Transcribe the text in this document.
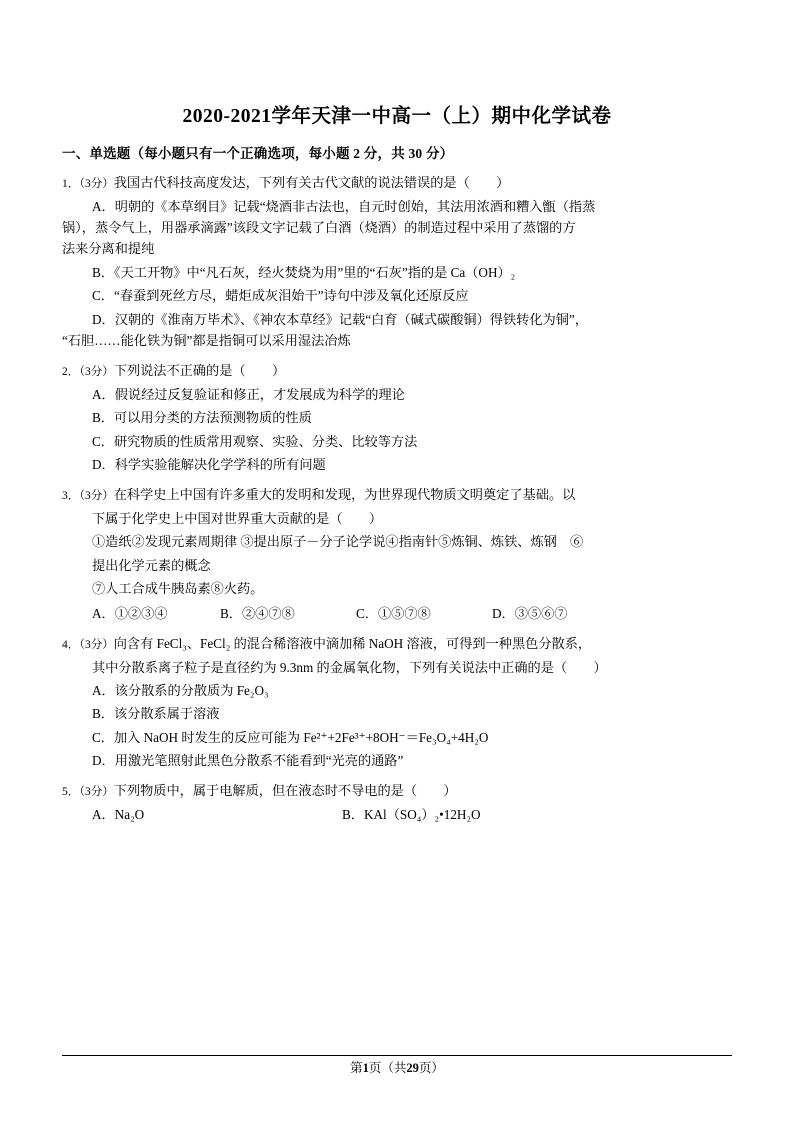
2020-2021学年天津一中高一（上）期中化学试卷
一、单选题（每小题只有一个正确选项，每小题 2 分，共 30 分）
1．（3分）我国古代科技高度发达，下列有关古代文献的说法错误的是（　　）
A．明朝的《本草纲目》记载“烧酒非古法也，自元时创始，其法用浓酒和糟入甑（指蒸
锅），蒸令气上，用器承滴露”该段文字记载了白酒（烧酒）的制造过程中采用了蒸馏的方
法来分离和提纯
B．《天工开物》中“凡石灰，经火焚烧为用”里的“石灰”指的是 Ca（OH）₂
C．“春蚕到死丝方尽，蜡炬成灰泪始干”诗句中涉及氧化还原反应
D．汉朝的《淮南万毕术》、《神农本草经》记载“白育（碱式碳酸铜）得铁转化为铜”，
“石胆……能化铁为铜”都是指铜可以采用湿法冶炼
2．（3分）下列说法不正确的是（　　）
A．假说经过反复验证和修正，才发展成为科学的理论
B．可以用分类的方法预测物质的性质
C．研究物质的性质常用观察、实验、分类、比较等方法
D．科学实验能解决化学学科的所有问题
3．（3分）在科学史上中国有许多重大的发明和发现，为世界现代物质文明奠定了基础。以
下属于化学史上中国对世界重大贡献的是（　　）
①造纸②发现元素周期律 ③提出原子－分子论学说④指南针⑤炼铜、炼铁、炼钢　⑥
提出化学元素的概念
⑦人工合成牛胰岛素⑧火药。
A．①②③④	B．②④⑦⑧	C．①⑤⑦⑧	D．③⑤⑥⑦
4．（3分）向含有 FeCl₃、FeCl₂ 的混合稀溶液中滴加稀 NaOH 溶液，可得到一种黑色分散系，
其中分散系离子粒子是直径约为 9.3nm 的金属氧化物，下列有关说法中正确的是（　　）
A．该分散系的分散质为 Fe₂O₃
B．该分散系属于溶液
C．加入 NaOH 时发生的反应可能为 Fe²⁺+2Fe³⁺+8OH⁻＝Fe₃O₄+4H₂O
D．用激光笔照射此黑色分散系不能看到“光亮的通路”
5．（3分）下列物质中，属于电解质，但在液态时不导电的是（　　）
A．Na₂O	B．KAl（SO₄）₂•12H₂O
第1页（共29页）
